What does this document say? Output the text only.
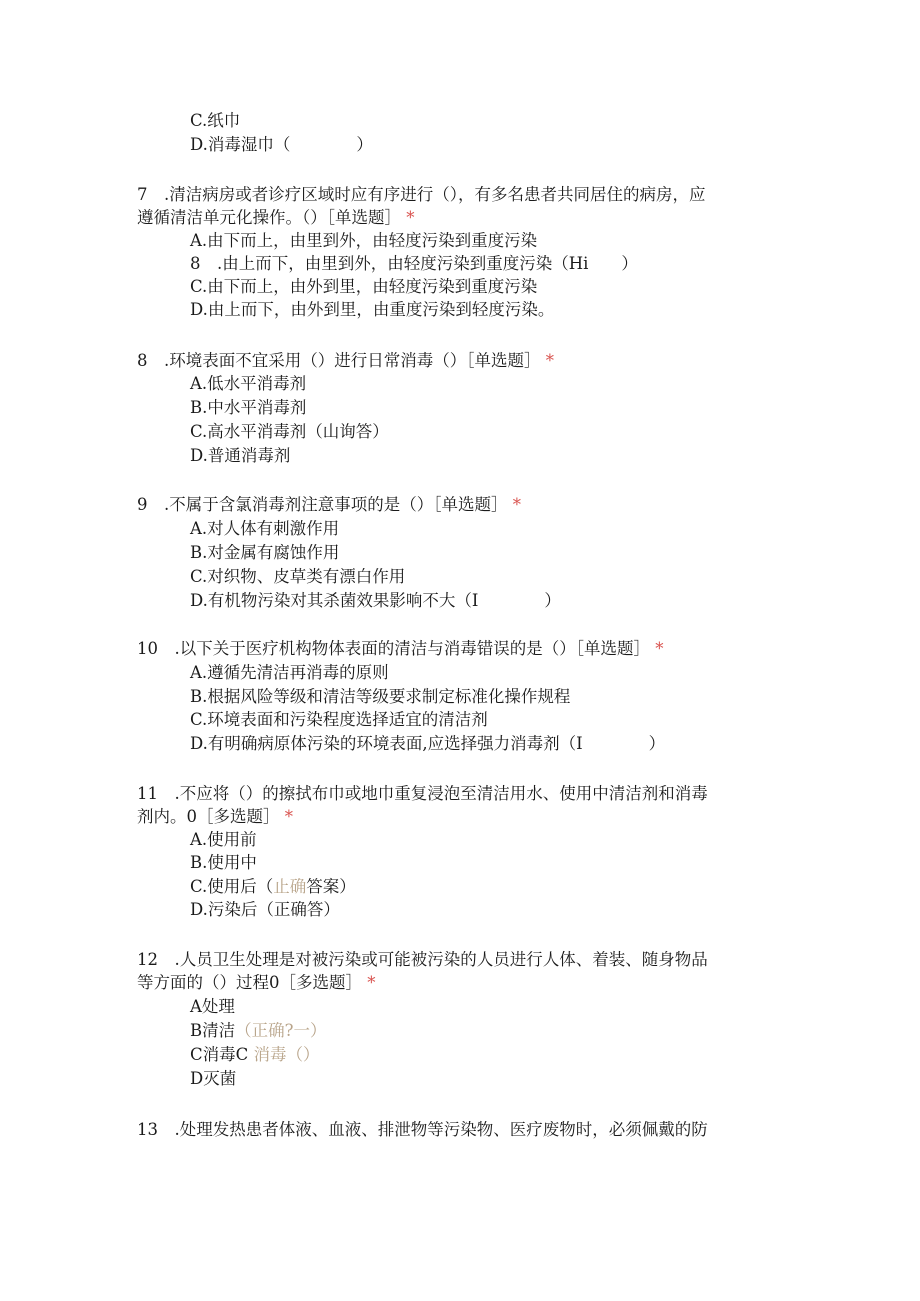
C.纸巾
D.消毒湿巾（　　　　）
7　.清洁病房或者诊疗区域时应有序进行（），有多名患者共同居住的病房，应
遵循清洁单元化操作。（）［单选题］ *
A.由下而上，由里到外，由轻度污染到重度污染
8　.由上而下，由里到外，由轻度污染到重度污染（Hi　　）
C.由下而上，由外到里，由轻度污染到重度污染
D.由上而下，由外到里，由重度污染到轻度污染。
8　.环境表面不宜采用（）进行日常消毒（）［单选题］ *
A.低水平消毒剂
B.中水平消毒剂
C.高水平消毒剂（山询答）
D.普通消毒剂
9　.不属于含氯消毒剂注意事项的是（）［单选题］ *
A.对人体有刺激作用
B.对金属有腐蚀作用
C.对织物、皮草类有漂白作用
D.有机物污染对其杀菌效果影响不大（I　　　　）
10　.以下关于医疗机构物体表面的清洁与消毒错误的是（）［单选题］ *
A.遵循先清洁再消毒的原则
B.根据风险等级和清洁等级要求制定标准化操作规程
C.环境表面和污染程度选择适宜的清洁剂
D.有明确病原体污染的环境表面,应选择强力消毒剂（I　　　　）
11　.不应将（）的擦拭布巾或地巾重复浸泡至清洁用水、使用中清洁剂和消毒
剂内。0［多选题］ *
A.使用前
B.使用中
C.使用后（止确答案）
D.污染后（正确答）
12　.人员卫生处理是对被污染或可能被污染的人员进行人体、着装、随身物品
等方面的（）过程0［多选题］ *
A处理
B清洁（正确?一）
C消毒C 消毒（）
D灭菌
13　.处理发热患者体液、血液、排泄物等污染物、医疗废物时，必须佩戴的防
